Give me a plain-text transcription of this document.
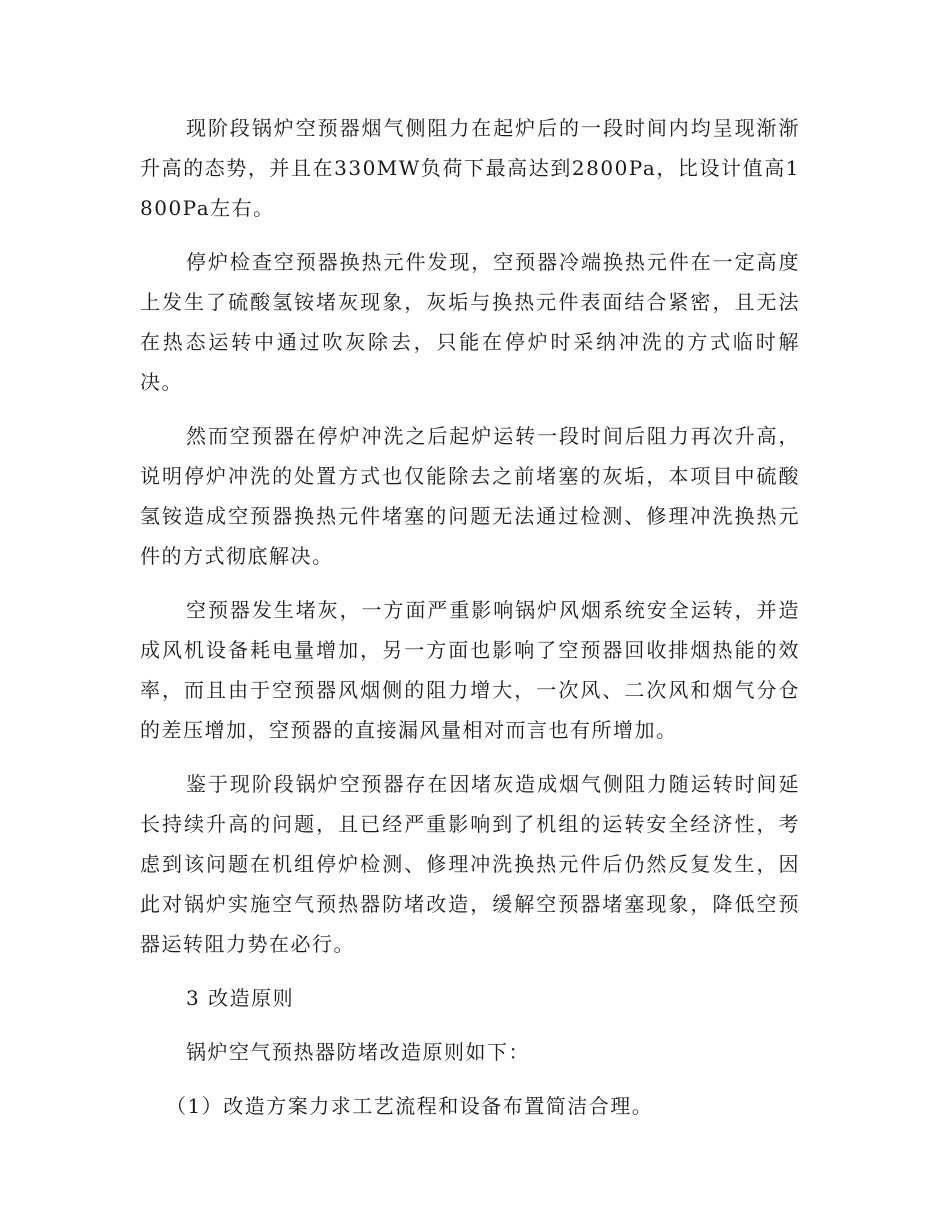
现阶段锅炉空预器烟气侧阻力在起炉后的一段时间内均呈现渐渐升高的态势，并且在330MW负荷下最高达到2800Pa，比设计值高1800Pa左右。

停炉检查空预器换热元件发现，空预器冷端换热元件在一定高度上发生了硫酸氢铵堵灰现象，灰垢与换热元件表面结合紧密，且无法在热态运转中通过吹灰除去，只能在停炉时采纳冲洗的方式临时解决。

然而空预器在停炉冲洗之后起炉运转一段时间后阻力再次升高，说明停炉冲洗的处置方式也仅能除去之前堵塞的灰垢，本项目中硫酸氢铵造成空预器换热元件堵塞的问题无法通过检测、修理冲洗换热元件的方式彻底解决。

空预器发生堵灰，一方面严重影响锅炉风烟系统安全运转，并造成风机设备耗电量增加，另一方面也影响了空预器回收排烟热能的效率，而且由于空预器风烟侧的阻力增大，一次风、二次风和烟气分仓的差压增加，空预器的直接漏风量相对而言也有所增加。

鉴于现阶段锅炉空预器存在因堵灰造成烟气侧阻力随运转时间延长持续升高的问题，且已经严重影响到了机组的运转安全经济性，考虑到该问题在机组停炉检测、修理冲洗换热元件后仍然反复发生，因此对锅炉实施空气预热器防堵改造，缓解空预器堵塞现象，降低空预器运转阻力势在必行。

3 改造原则

锅炉空气预热器防堵改造原则如下：

（1）改造方案力求工艺流程和设备布置简洁合理。
